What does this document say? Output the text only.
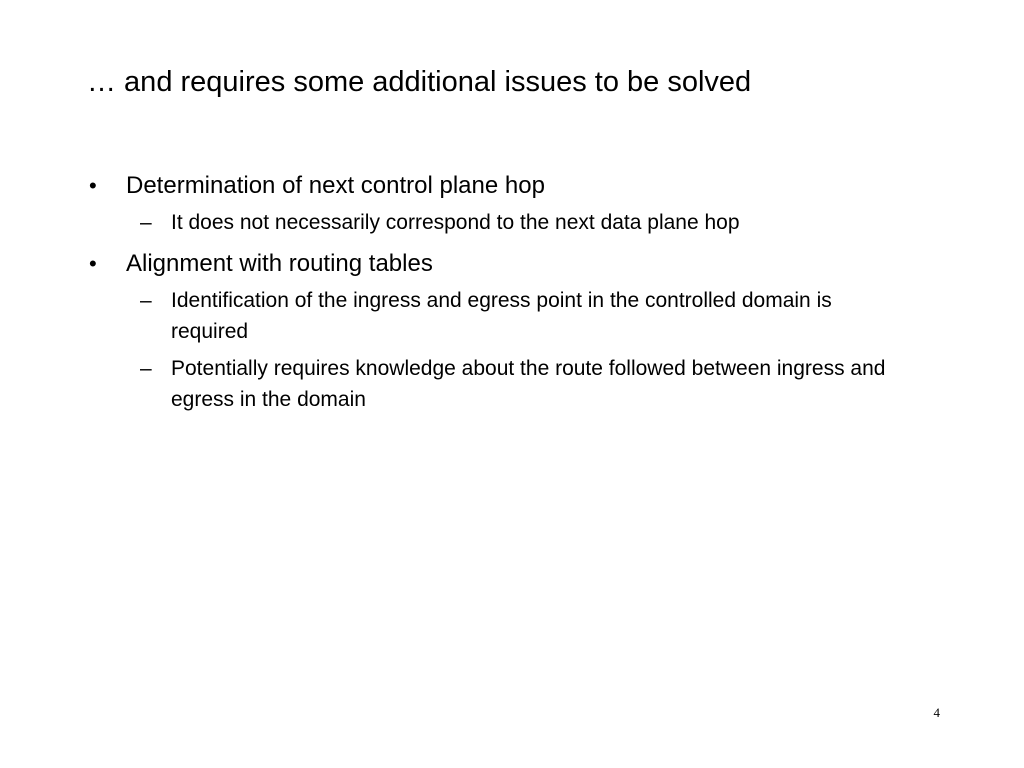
… and requires some additional issues to be solved
• Determination of next control plane hop
– It does not necessarily correspond to the next data plane hop
• Alignment with routing tables
– Identification of the ingress and egress point in the controlled domain is required
– Potentially requires knowledge about the route followed between ingress and egress in the domain
4
